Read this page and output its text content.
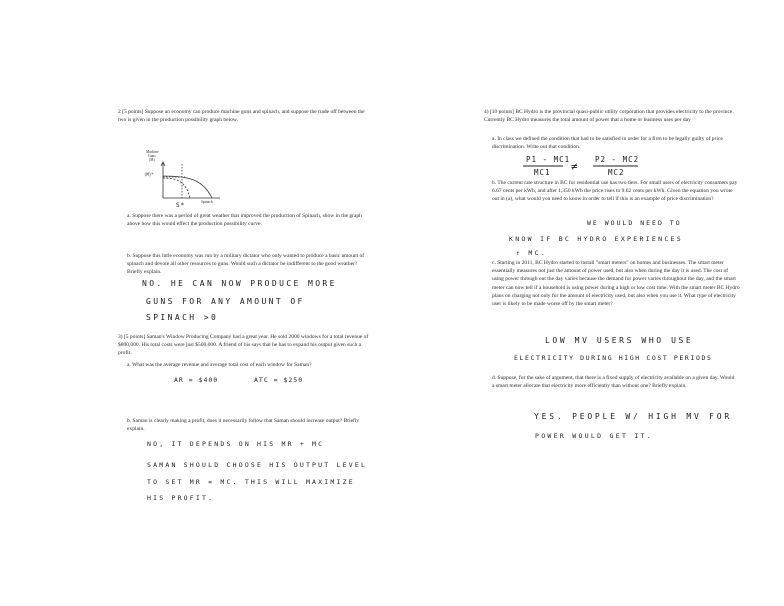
2 [5 points] Suppose an economy can produce machine guns and spinach, and suppose the trade off between the two is given in the production possibility graph below.
Machine
Guns
(M)
(M)*
Spinach
S*
a. Suppose there was a period of great weather that improved the production of Spinach, show in the graph above how this would effect the production possibility curve.
b. Suppose this little economy was run by a military dictator who only wanted to produce a basic amount of spinach and devote all other resources to guns. Would such a dictator be indifferent to the good weather? Briefly explain.
NO. HE CAN NOW PRODUCE MORE
GUNS FOR ANY AMOUNT OF
SPINACH >0
3) [5 points] Saman's Window Producing Company had a great year. He sold 2000 windows for a total revenue of $800,000. His total costs were just $500,000. A friend of his says that he has to expand his output given such a profit.
a. What was the average revenue and average total cost of each window for Saman?
AR = $400	ATC = $250
b. Saman is clearly making a profit, does it necessarily follow that Saman should increase output? Briefly explain.
NO, IT DEPENDS ON HIS MR + MC
SAMAN SHOULD CHOOSE HIS OUTPUT LEVEL
TO SET MR = MC. THIS WILL MAXIMIZE
HIS PROFIT.
4) [10 points] BC Hydro is the provincial quasi-public utility corporation that provides electricity to the province. Currently BC Hydro measures the total amount of power that a home or business uses per day
a. In class we defined the condition that had to be satisfied in order for a firm to be legally guilty of price discrimination. Write out that condition.
P1 - MC1
MC1 ≠
P2 - MC2
MC2
b. The current rate structure in BC for residential use has two tiers. For small users of electricity consumers pay 6.67 cents per kWh, and after 1,350 kWh the price rises to 9.62 cents per kWh. Given the equation you wrote out in (a), what would you need to know in order to tell if this is an example of price discrimination?
WE WOULD NEED TO
KNOW IF BC HYDRO EXPERIENCES
↑ MC.
c. Starting in 2011, BC Hydro started to install "smart meters" on homes and businesses. The smart meter essentially measures not just the amount of power used, but also when during the day it is used. The cost of using power through out the day varies because the demand for power varies throughout the day, and the smart meter can now tell if a household is using power during a high or low cost time. With the smart meter BC Hydro plans on charging not only for the amount of electricity used, but also when you use it. What type of electricity user is likely to be made worse off by the smart meter?
LOW MV USERS WHO USE
ELECTRICITY DURING HIGH COST PERIODS
d. Suppose, for the sake of argument, that there is a fixed supply of electricity available on a given day. Would a smart meter allocate that electricity more efficiently than without one? Briefly explain.
YES. PEOPLE W/ HIGH MV FOR
POWER WOULD GET IT.
